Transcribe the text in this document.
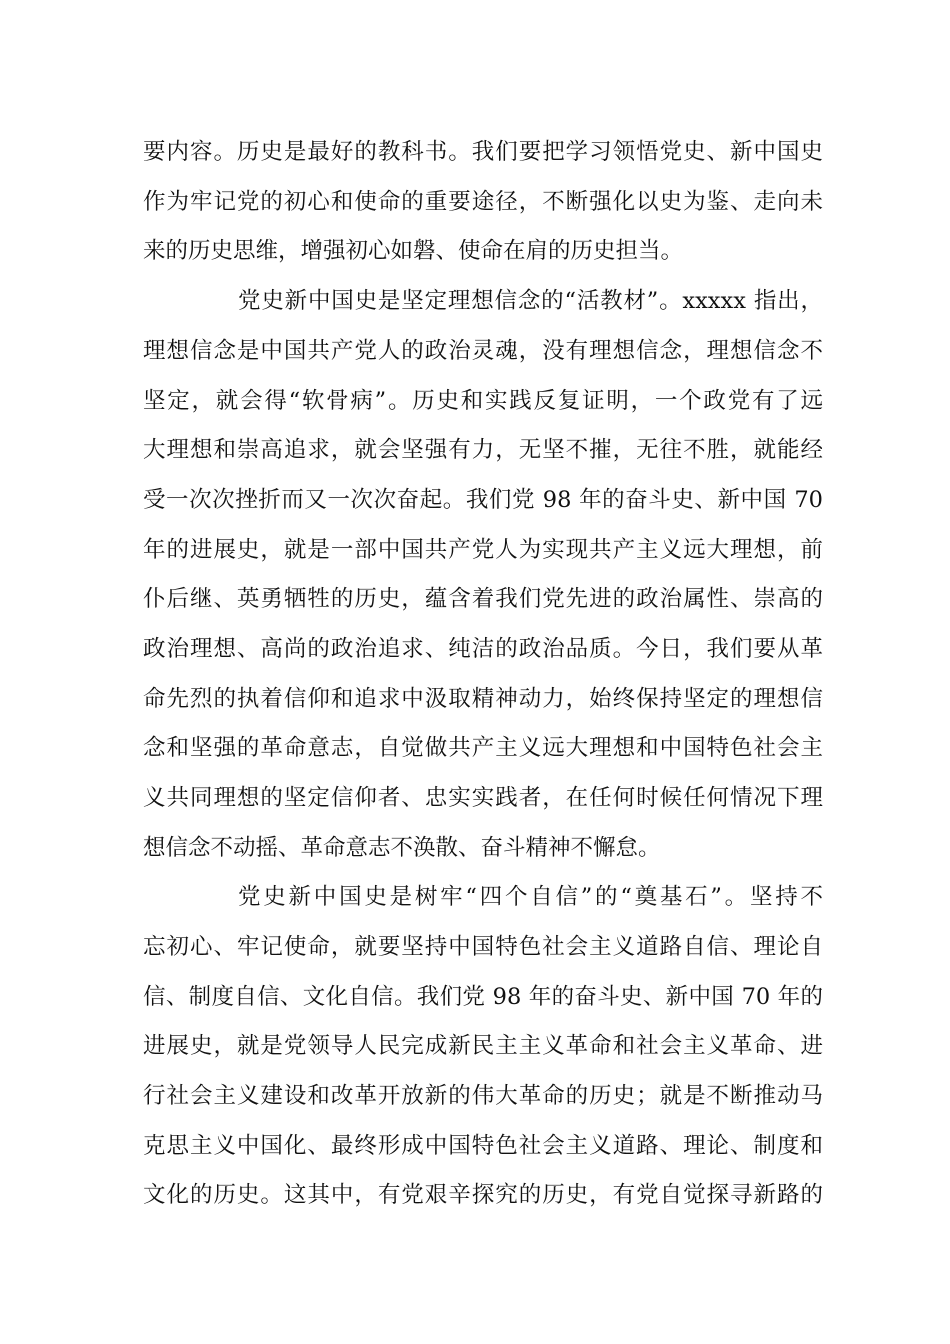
要内容。历史是最好的教科书。我们要把学习领悟党史、新中国史
作为牢记党的初心和使命的重要途径，不断强化以史为鉴、走向未
来的历史思维，增强初心如磐、使命在肩的历史担当。
党史新中国史是坚定理想信念的“活教材”。xxxxx 指出，
理想信念是中国共产党人的政治灵魂，没有理想信念，理想信念不
坚定，就会得“软骨病”。历史和实践反复证明，一个政党有了远
大理想和崇高追求，就会坚强有力，无坚不摧，无往不胜，就能经
受一次次挫折而又一次次奋起。我们党 98 年的奋斗史、新中国 70
年的进展史，就是一部中国共产党人为实现共产主义远大理想，前
仆后继、英勇牺牲的历史，蕴含着我们党先进的政治属性、崇高的
政治理想、高尚的政治追求、纯洁的政治品质。今日，我们要从革
命先烈的执着信仰和追求中汲取精神动力，始终保持坚定的理想信
念和坚强的革命意志，自觉做共产主义远大理想和中国特色社会主
义共同理想的坚定信仰者、忠实实践者，在任何时候任何情况下理
想信念不动摇、革命意志不涣散、奋斗精神不懈怠。
党史新中国史是树牢“四个自信”的“奠基石”。坚持不
忘初心、牢记使命，就要坚持中国特色社会主义道路自信、理论自
信、制度自信、文化自信。我们党 98 年的奋斗史、新中国 70 年的
进展史，就是党领导人民完成新民主主义革命和社会主义革命、进
行社会主义建设和改革开放新的伟大革命的历史；就是不断推动马
克思主义中国化、最终形成中国特色社会主义道路、理论、制度和
文化的历史。这其中，有党艰辛探究的历史，有党自觉探寻新路的
